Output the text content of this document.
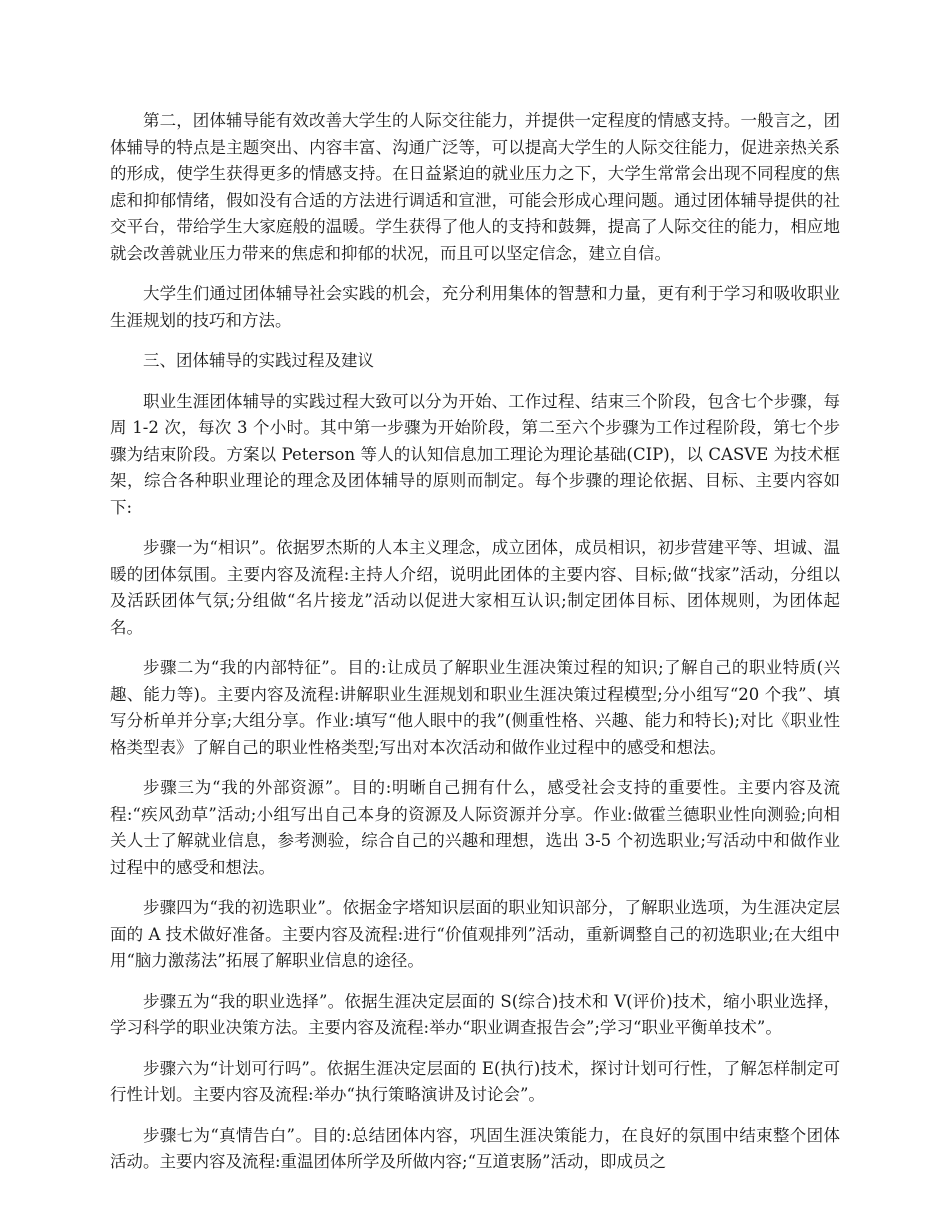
第二，团体辅导能有效改善大学生的人际交往能力，并提供一定程度的情感支持。一般言之，团体辅导的特点是主题突出、内容丰富、沟通广泛等，可以提高大学生的人际交往能力，促进亲热关系的形成，使学生获得更多的情感支持。在日益紧迫的就业压力之下，大学生常常会出现不同程度的焦虑和抑郁情绪，假如没有合适的方法进行调适和宣泄，可能会形成心理问题。通过团体辅导提供的社交平台，带给学生大家庭般的温暖。学生获得了他人的支持和鼓舞，提高了人际交往的能力，相应地就会改善就业压力带来的焦虑和抑郁的状况，而且可以坚定信念，建立自信。

大学生们通过团体辅导社会实践的机会，充分利用集体的智慧和力量，更有利于学习和吸收职业生涯规划的技巧和方法。

三、团体辅导的实践过程及建议

职业生涯团体辅导的实践过程大致可以分为开始、工作过程、结束三个阶段，包含七个步骤，每周 1-2 次，每次 3 个小时。其中第一步骤为开始阶段，第二至六个步骤为工作过程阶段，第七个步骤为结束阶段。方案以 Peterson 等人的认知信息加工理论为理论基础(CIP)，以 CASVE 为技术框架，综合各种职业理论的理念及团体辅导的原则而制定。每个步骤的理论依据、目标、主要内容如下:

步骤一为“相识”。依据罗杰斯的人本主义理念，成立团体，成员相识，初步营建平等、坦诚、温暖的团体氛围。主要内容及流程:主持人介绍，说明此团体的主要内容、目标;做“找家”活动，分组以及活跃团体气氛;分组做“名片接龙”活动以促进大家相互认识;制定团体目标、团体规则，为团体起名。

步骤二为“我的内部特征”。目的:让成员了解职业生涯决策过程的知识;了解自己的职业特质(兴趣、能力等)。主要内容及流程:讲解职业生涯规划和职业生涯决策过程模型;分小组写“20 个我”、填写分析单并分享;大组分享。作业:填写“他人眼中的我”(侧重性格、兴趣、能力和特长);对比《职业性格类型表》了解自己的职业性格类型;写出对本次活动和做作业过程中的感受和想法。

步骤三为“我的外部资源”。目的:明晰自己拥有什么，感受社会支持的重要性。主要内容及流程:“疾风劲草”活动;小组写出自己本身的资源及人际资源并分享。作业:做霍兰德职业性向测验;向相关人士了解就业信息，参考测验，综合自己的兴趣和理想，选出 3-5 个初选职业;写活动中和做作业过程中的感受和想法。

步骤四为“我的初选职业”。依据金字塔知识层面的职业知识部分，了解职业选项，为生涯决定层面的 A 技术做好准备。主要内容及流程:进行“价值观排列”活动，重新调整自己的初选职业;在大组中用“脑力激荡法”拓展了解职业信息的途径。

步骤五为“我的职业选择”。依据生涯决定层面的 S(综合)技术和 V(评价)技术，缩小职业选择，学习科学的职业决策方法。主要内容及流程:举办“职业调查报告会”;学习“职业平衡单技术”。

步骤六为“计划可行吗”。依据生涯决定层面的 E(执行)技术，探讨计划可行性，了解怎样制定可行性计划。主要内容及流程:举办“执行策略演讲及讨论会”。

步骤七为“真情告白”。目的:总结团体内容，巩固生涯决策能力，在良好的氛围中结束整个团体活动。主要内容及流程:重温团体所学及所做内容;“互道衷肠”活动，即成员之
